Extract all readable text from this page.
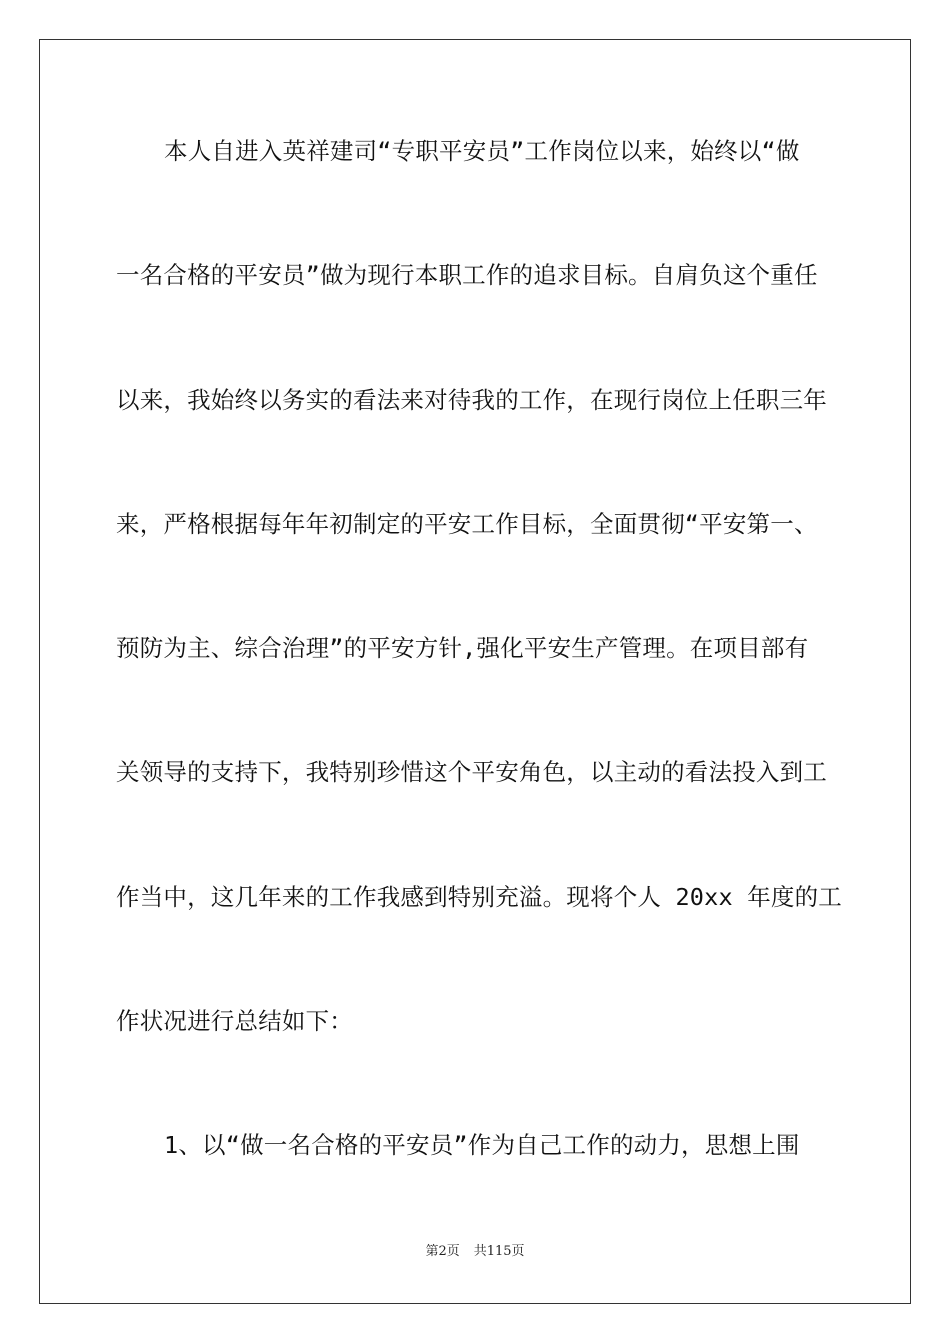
本人自进入英祥建司“专职平安员”工作岗位以来，始终以“做
一名合格的平安员”做为现行本职工作的追求目标。自肩负这个重任
以来，我始终以务实的看法来对待我的工作，在现行岗位上任职三年
来，严格根据每年年初制定的平安工作目标，全面贯彻“平安第一、
预防为主、综合治理”的平安方针,强化平安生产管理。在项目部有
关领导的支持下，我特别珍惜这个平安角色，以主动的看法投入到工
作当中，这几年来的工作我感到特别充溢。现将个人 20xx 年度的工
作状况进行总结如下：
1、以“做一名合格的平安员”作为自己工作的动力，思想上围
第2页 共115页
